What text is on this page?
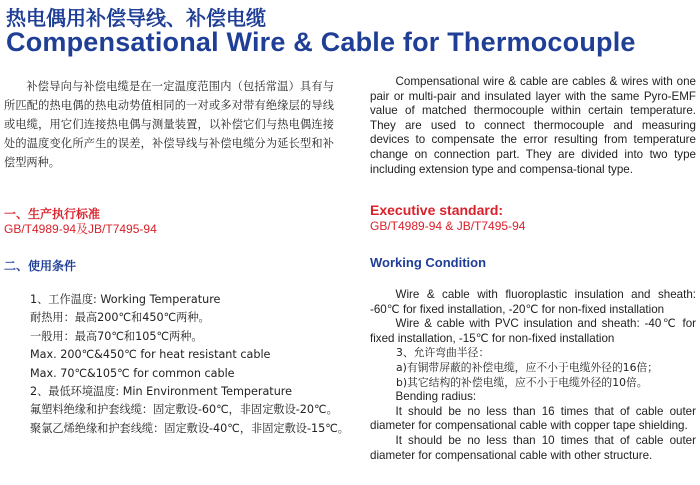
热电偶用补偿导线、补偿电缆
Compensational Wire & Cable for Thermocouple
补偿导向与补偿电缆是在一定温度范围内（包括常温）具有与所匹配的热电偶的热电动势值相同的一对或多对带有绝缘层的导线或电缆，用它们连接热电偶与测量装置，以补偿它们与热电偶连接处的温度变化所产生的误差，补偿导线与补偿电缆分为延长型和补偿型两种。
Compensational wire & cable are cables & wires with one pair or multi-pair and insulated layer with the same Pyro-EMF value of matched thermocouple within certain temperature. They are used to connect thermocouple and measuring devices to compensate the error resulting from temperature change on connection part. They are divided into two type including extension type and compensa-tional type.
一、生产执行标准
GB/T4989-94及JB/T7495-94
Executive standard:
GB/T4989-94 & JB/T7495-94
二、使用条件	Working Condition
1、工作温度: Working Temperature
耐热用：最高200℃和450℃两种。
一般用：最高70℃和105℃两种。
Max. 200℃&450℃ for heat resistant cable
Max. 70℃&105℃ for common cable
2、最低环境温度: Min Environment Temperature
氟塑料绝缘和护套线缆：固定敷设-60℃，非固定敷设-20℃。
聚氯乙烯绝缘和护套线缆：固定敷设-40℃，非固定敷设-15℃。
Wire & cable with fluoroplastic insulation and sheath: -60℃ for fixed installation, -20℃ for non-fixed installation
Wire & cable with PVC insulation and sheath: -40℃ for fixed installation, -15℃ for non-fixed installation
3、允许弯曲半径：
a)有铜带屏蔽的补偿电缆，应不小于电缆外径的16倍；
b)其它结构的补偿电缆，应不小于电缆外径的10倍。
Bending radius:
It should be no less than 16 times that of cable outer diameter for compensational cable with copper tape shielding.
It should be no less than 10 times that of cable outer diameter for compensational cable with other structure.
